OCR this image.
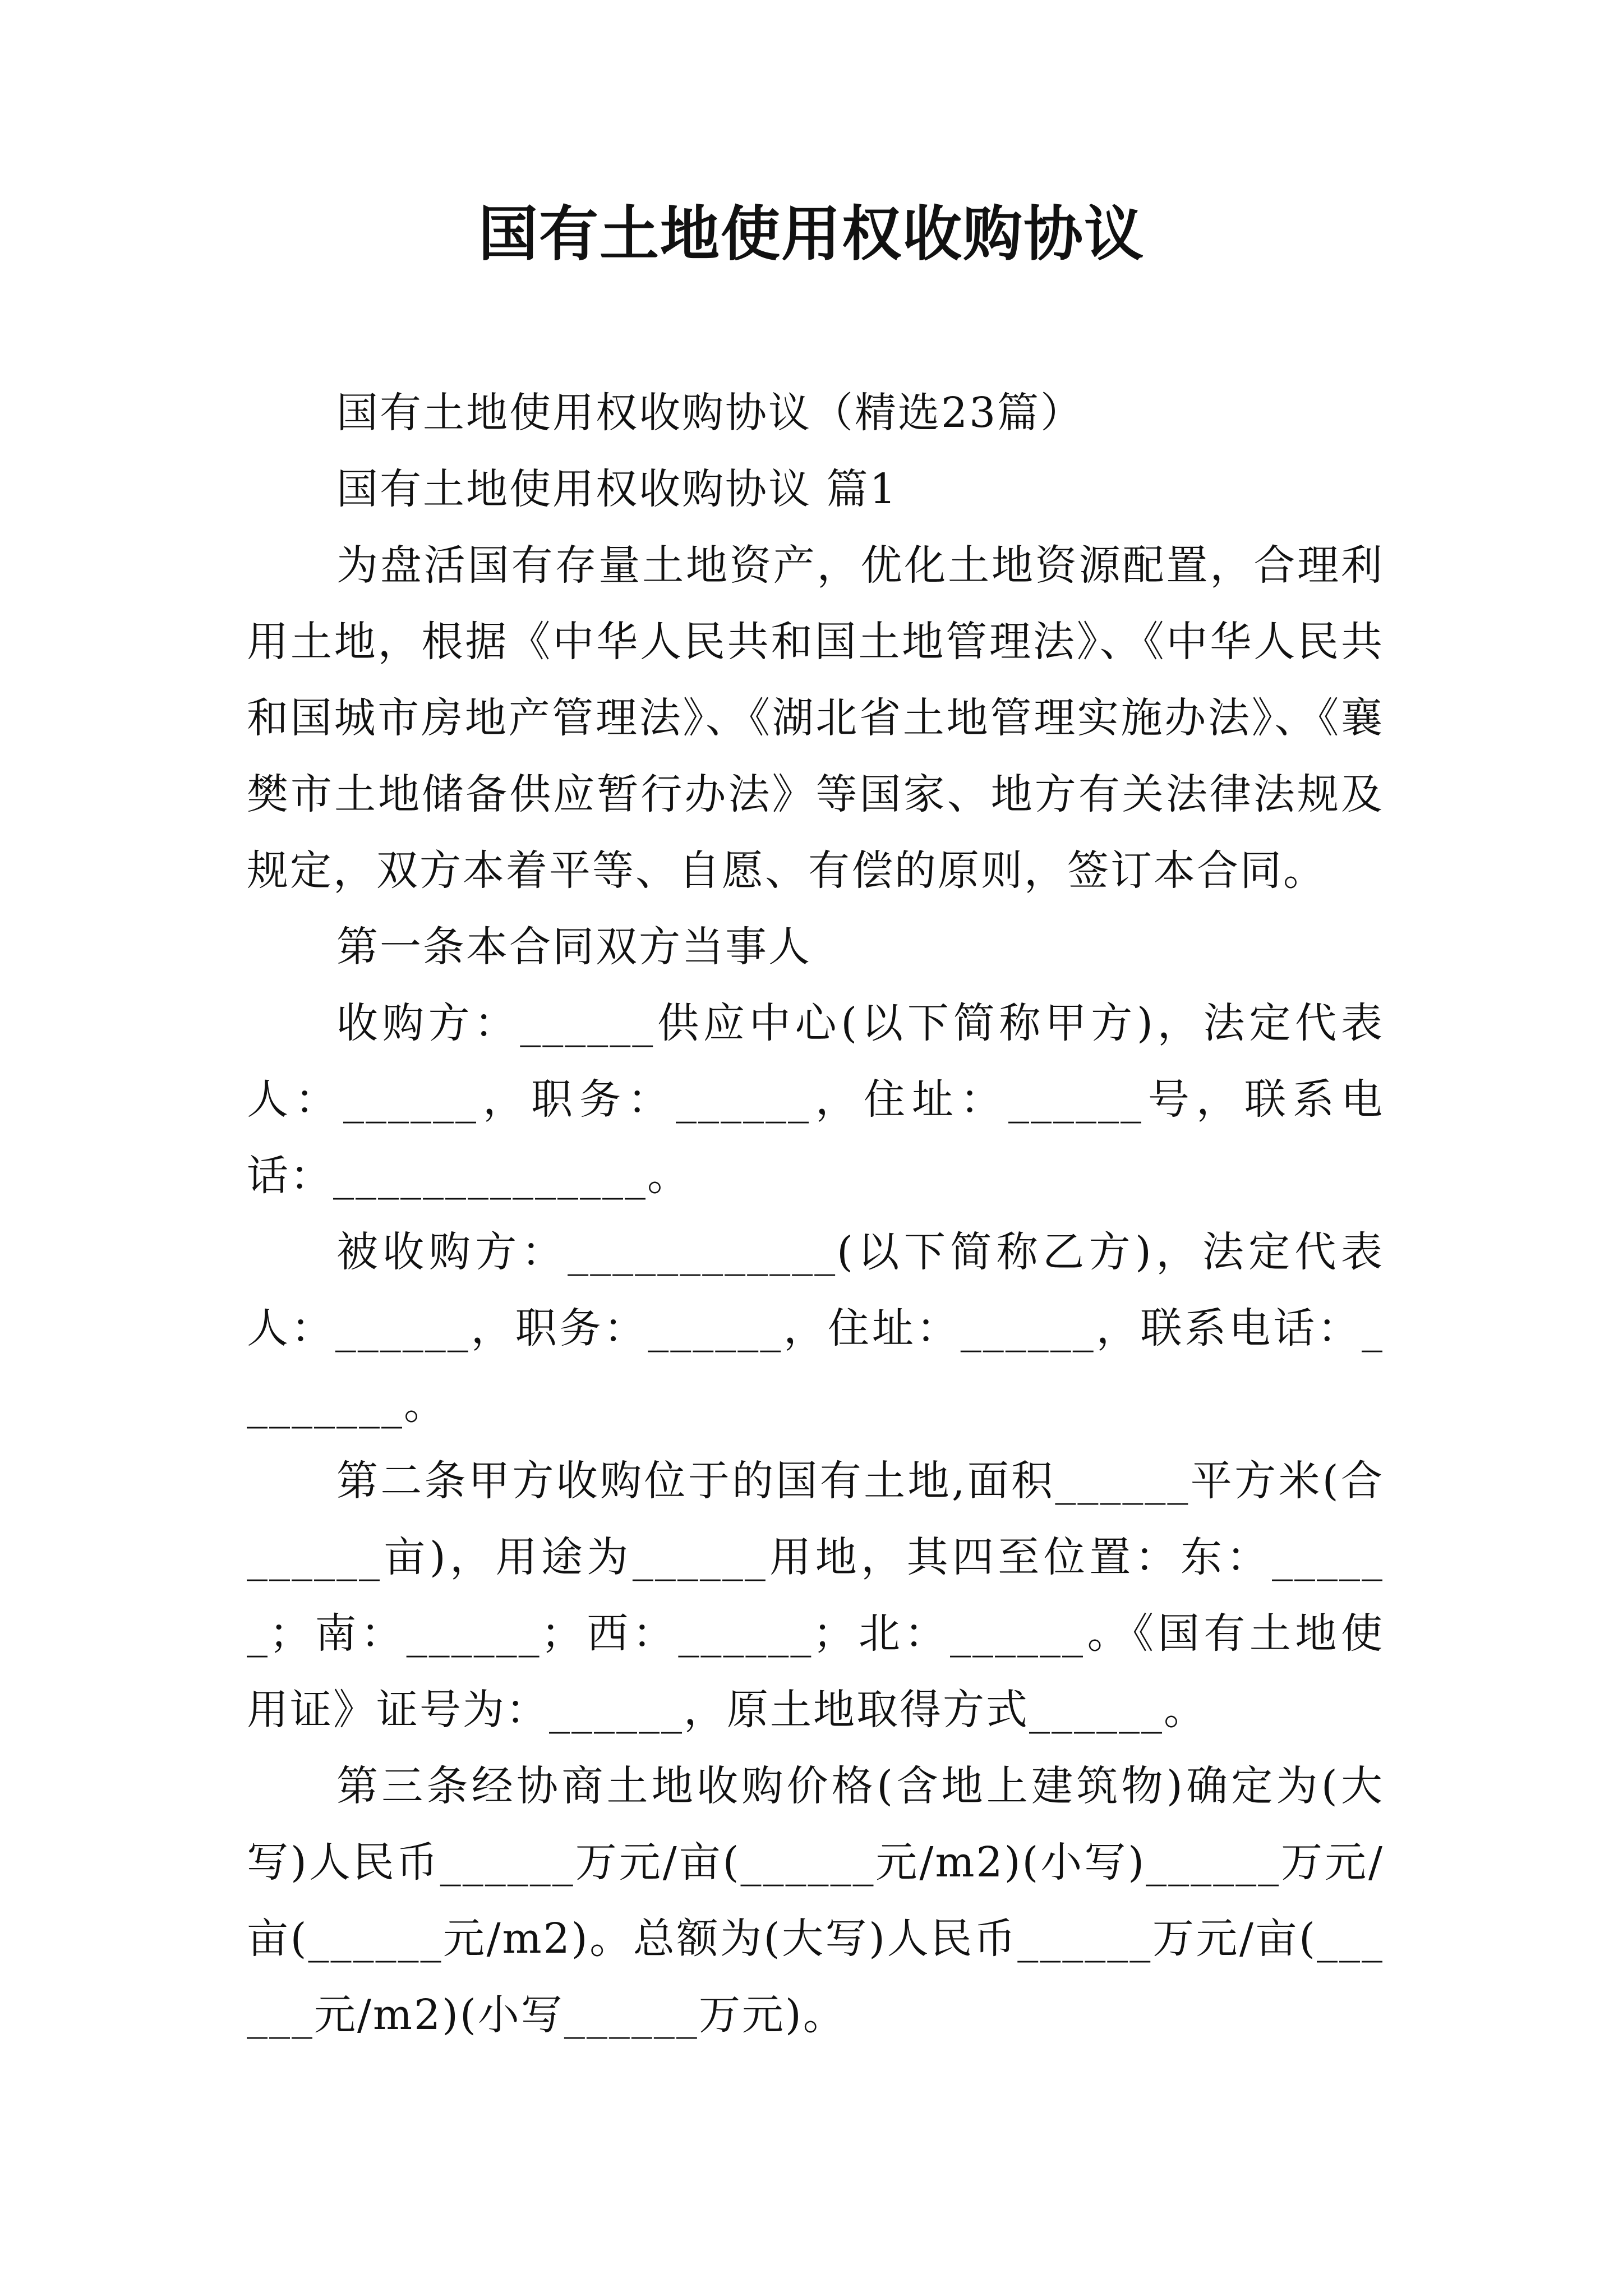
国有土地使用权收购协议

国有土地使用权收购协议（精选23篇）

国有土地使用权收购协议 篇1

为盘活国有存量土地资产，优化土地资源配置，合理利用土地，根据《中华人民共和国土地管理法》、《中华人民共和国城市房地产管理法》、《湖北省土地管理实施办法》、《襄樊市土地储备供应暂行办法》等国家、地方有关法律法规及规定，双方本着平等、自愿、有偿的原则，签订本合同。

第一条本合同双方当事人

收购方：______供应中心(以下简称甲方)，法定代表人：______，职务：______，住址：______号，联系电话：______________。

被收购方：____________(以下简称乙方)，法定代表人：______，职务：______，住址：______，联系电话：________。

第二条甲方收购位于的国有土地,面积______平方米(合______亩)，用途为______用地，其四至位置：东：______；南：______；西：______；北：______。《国有土地使用证》证号为：______，原土地取得方式______。

第三条经协商土地收购价格(含地上建筑物)确定为(大写)人民币______万元/亩(______元/m2)(小写)______万元/亩(______元/m2)。总额为(大写)人民币______万元/亩(______元/m2)(小写______万元)。
